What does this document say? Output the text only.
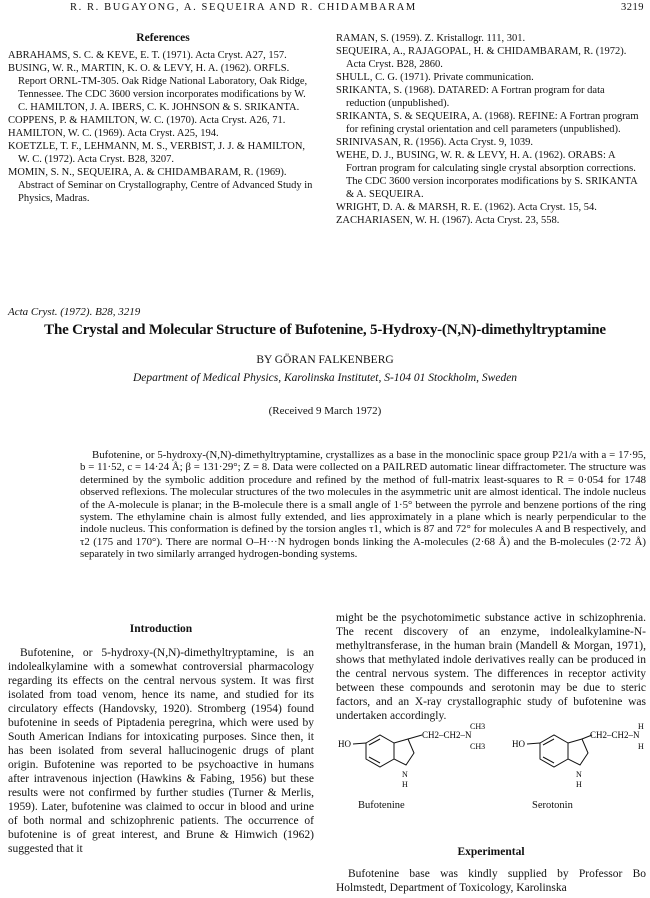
R. R. BUGAYONG, A. SEQUEIRA AND R. CHIDAMBARAM	3219

References

ABRAHAMS, S. C. & KEVE, E. T. (1971). Acta Cryst. A27, 157.

BUSING, W. R., MARTIN, K. O. & LEVY, H. A. (1962). ORFLS. Report ORNL-TM-305. Oak Ridge National Laboratory, Oak Ridge, Tennessee. The CDC 3600 version incorporates modifications by W. C. HAMILTON, J. A. IBERS, C. K. JOHNSON & S. SRIKANTA.

COPPENS, P. & HAMILTON, W. C. (1970). Acta Cryst. A26, 71.

HAMILTON, W. C. (1969). Acta Cryst. A25, 194.

KOETZLE, T. F., LEHMANN, M. S., VERBIST, J. J. & HAMILTON, W. C. (1972). Acta Cryst. B28, 3207.

MOMIN, S. N., SEQUEIRA, A. & CHIDAMBARAM, R. (1969). Abstract of Seminar on Crystallography, Centre of Advanced Study in Physics, Madras.

RAMAN, S. (1959). Z. Kristallogr. 111, 301.

SEQUEIRA, A., RAJAGOPAL, H. & CHIDAMBARAM, R. (1972). Acta Cryst. B28, 2860.

SHULL, C. G. (1971). Private communication.

SRIKANTA, S. (1968). DATARED: A Fortran program for data reduction (unpublished).

SRIKANTA, S. & SEQUEIRA, A. (1968). REFINE: A Fortran program for refining crystal orientation and cell parameters (unpublished).

SRINIVASAN, R. (1956). Acta Cryst. 9, 1039.

WEHE, D. J., BUSING, W. R. & LEVY, H. A. (1962). ORABS: A Fortran program for calculating single crystal absorption corrections. The CDC 3600 version incorporates modifications by S. SRIKANTA & A. SEQUEIRA.

WRIGHT, D. A. & MARSH, R. E. (1962). Acta Cryst. 15, 54.

ZACHARIASEN, W. H. (1967). Acta Cryst. 23, 558.

Acta Cryst. (1972). B28, 3219
The Crystal and Molecular Structure of Bufotenine, 5-Hydroxy-(N,N)-dimethyltryptamine
BY GÖRAN FALKENBERG
Department of Medical Physics, Karolinska Institutet, S-104 01 Stockholm, Sweden
(Received 9 March 1972)
Bufotenine, or 5-hydroxy-(N,N)-dimethyltryptamine, crystallizes as a base in the monoclinic space group P21/a with a = 17·95, b = 11·52, c = 14·24 Å; β = 131·29°; Z = 8. Data were collected on a PAILRED automatic linear diffractometer. The structure was determined by the symbolic addition procedure and refined by the method of full-matrix least-squares to R = 0·054 for 1748 observed reflexions. The molecular structures of the two molecules in the asymmetric unit are almost identical. The indole nucleus of the A-molecule is planar; in the B-molecule there is a small angle of 1·5° between the pyrrole and benzene portions of the ring system. The ethylamine chain is almost fully extended, and lies approximately in a plane which is nearly perpendicular to the indole nucleus. This conformation is defined by the torsion angles τ1, which is 87 and 72° for molecules A and B respectively, and τ2 (175 and 170°). There are normal O–H···N hydrogen bonds linking the A-molecules (2·68 Å) and the B-molecules (2·72 Å) separately in two similarly arranged hydrogen-bonding systems.

Introduction

Bufotenine, or 5-hydroxy-(N,N)-dimethyltryptamine, is an indolealkylamine with a somewhat controversial pharmacology regarding its effects on the central nervous system. It was first isolated from toad venom, hence its name, and studied for its circulatory effects (Handovsky, 1920). Stromberg (1954) found bufotenine in seeds of Piptadenia peregrina, which were used by South American Indians for intoxicating purposes. Since then, it has been isolated from several hallucinogenic drugs of plant origin. Bufotenine was reported to be psychoactive in humans after intravenous injection (Hawkins & Fabing, 1956) but these results were not confirmed by further studies (Turner & Merlis, 1959). Later, bufotenine was claimed to occur in blood and urine of both normal and schizophrenic patients. The occurrence of bufotenine is of great interest, and Brune & Himwich (1962) suggested that it

might be the psychotomimetic substance active in schizophrenia. The recent discovery of an enzyme, indolealkylamine-N-methyltransferase, in the human brain (Mandell & Morgan, 1971), shows that methylated indole derivatives really can be produced in the central nervous system. The differences in receptor activity between these compounds and serotonin may be due to steric factors, and an X-ray crystallographic study of bufotenine was undertaken accordingly.

HO
CH2–CH2–N
CH3
CH3
N
H
HO
CH2–CH2–N
H
H
N
H
Bufotenine	Serotonin

Experimental

Bufotenine base was kindly supplied by Professor Bo Holmstedt, Department of Toxicology, Karolinska
